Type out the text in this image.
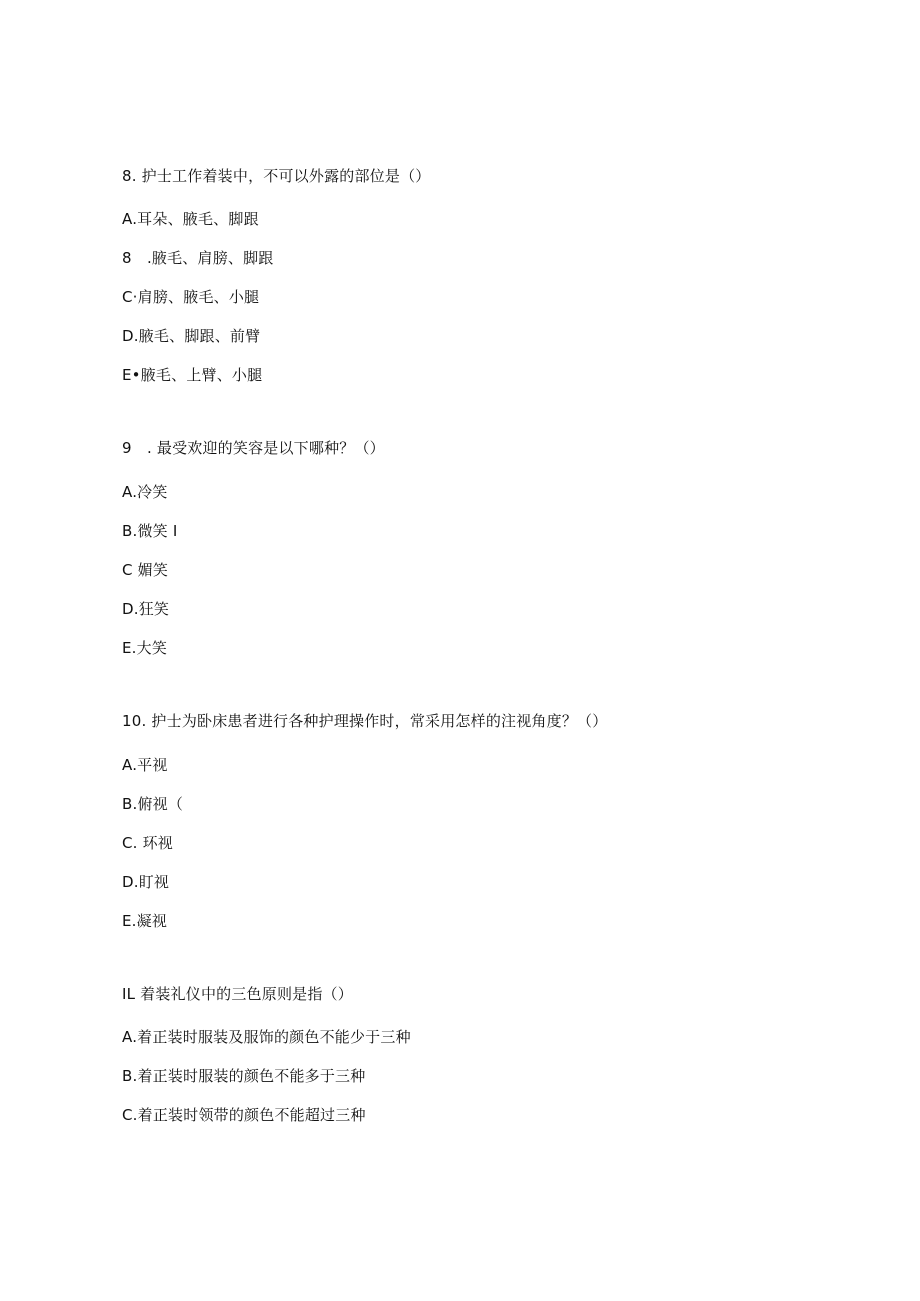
8. 护士工作着装中，不可以外露的部位是（）
A.耳朵、腋毛、脚跟
8　.腋毛、肩膀、脚跟
C·肩膀、腋毛、小腿
D.腋毛、脚跟、前臂
E•腋毛、上臂、小腿
9　. 最受欢迎的笑容是以下哪种？（）
A.冷笑
B.微笑 I
C 媚笑
D.狂笑
E.大笑
10. 护士为卧床患者进行各种护理操作时，常采用怎样的注视角度？（）
A.平视
B.俯视（
C. 环视
D.盯视
E.凝视
IL 着装礼仪中的三色原则是指（）
A.着正装时服装及服饰的颜色不能少于三种
B.着正装时服装的颜色不能多于三种
C.着正装时领带的颜色不能超过三种
